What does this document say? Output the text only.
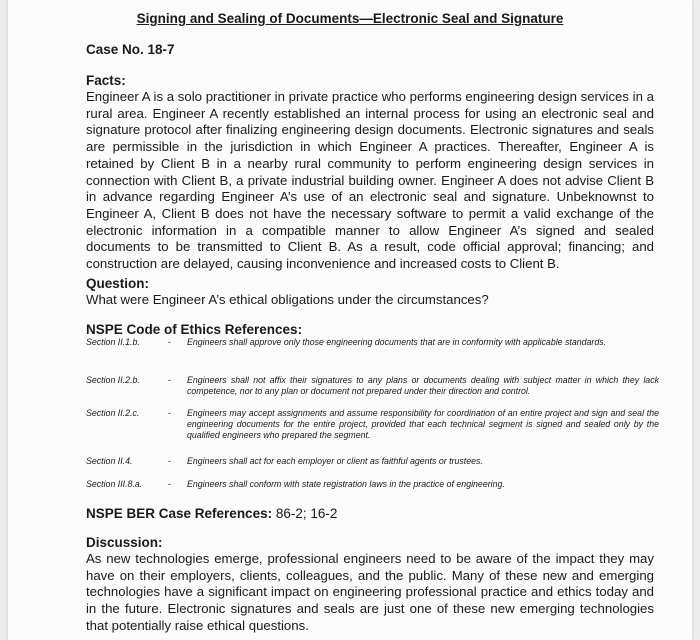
Signing and Sealing of Documents—Electronic Seal and Signature
Case No. 18-7
Facts:
Engineer A is a solo practitioner in private practice who performs engineering design services in a rural area. Engineer A recently established an internal process for using an electronic seal and signature protocol after finalizing engineering design documents. Electronic signatures and seals are permissible in the jurisdiction in which Engineer A practices. Thereafter, Engineer A is retained by Client B in a nearby rural community to perform engineering design services in connection with Client B, a private industrial building owner. Engineer A does not advise Client B in advance regarding Engineer A’s use of an electronic seal and signature. Unbeknownst to Engineer A, Client B does not have the necessary software to permit a valid exchange of the electronic information in a compatible manner to allow Engineer A’s signed and sealed documents to be transmitted to Client B. As a result, code official approval; financing; and construction are delayed, causing inconvenience and increased costs to Client B.
Question:
What were Engineer A’s ethical obligations under the circumstances?
NSPE Code of Ethics References:
Section II.1.b.	- Engineers shall approve only those engineering documents that are in conformity with applicable standards.
Section II.2.b.	- Engineers shall not affix their signatures to any plans or documents dealing with subject matter in which they lack competence, nor to any plan or document not prepared under their direction and control.
Section II.2.c.	- Engineers may accept assignments and assume responsibility for coordination of an entire project and sign and seal the engineering documents for the entire project, provided that each technical segment is signed and sealed only by the qualified engineers who prepared the segment.
Section II.4.	- Engineers shall act for each employer or client as faithful agents or trustees.
Section III.8.a.	- Engineers shall conform with state registration laws in the practice of engineering.
NSPE BER Case References: 86-2; 16-2
Discussion:
As new technologies emerge, professional engineers need to be aware of the impact they may have on their employers, clients, colleagues, and the public. Many of these new and emerging technologies have a significant impact on engineering professional practice and ethics today and in the future. Electronic signatures and seals are just one of these new emerging technologies that potentially raise ethical questions.
